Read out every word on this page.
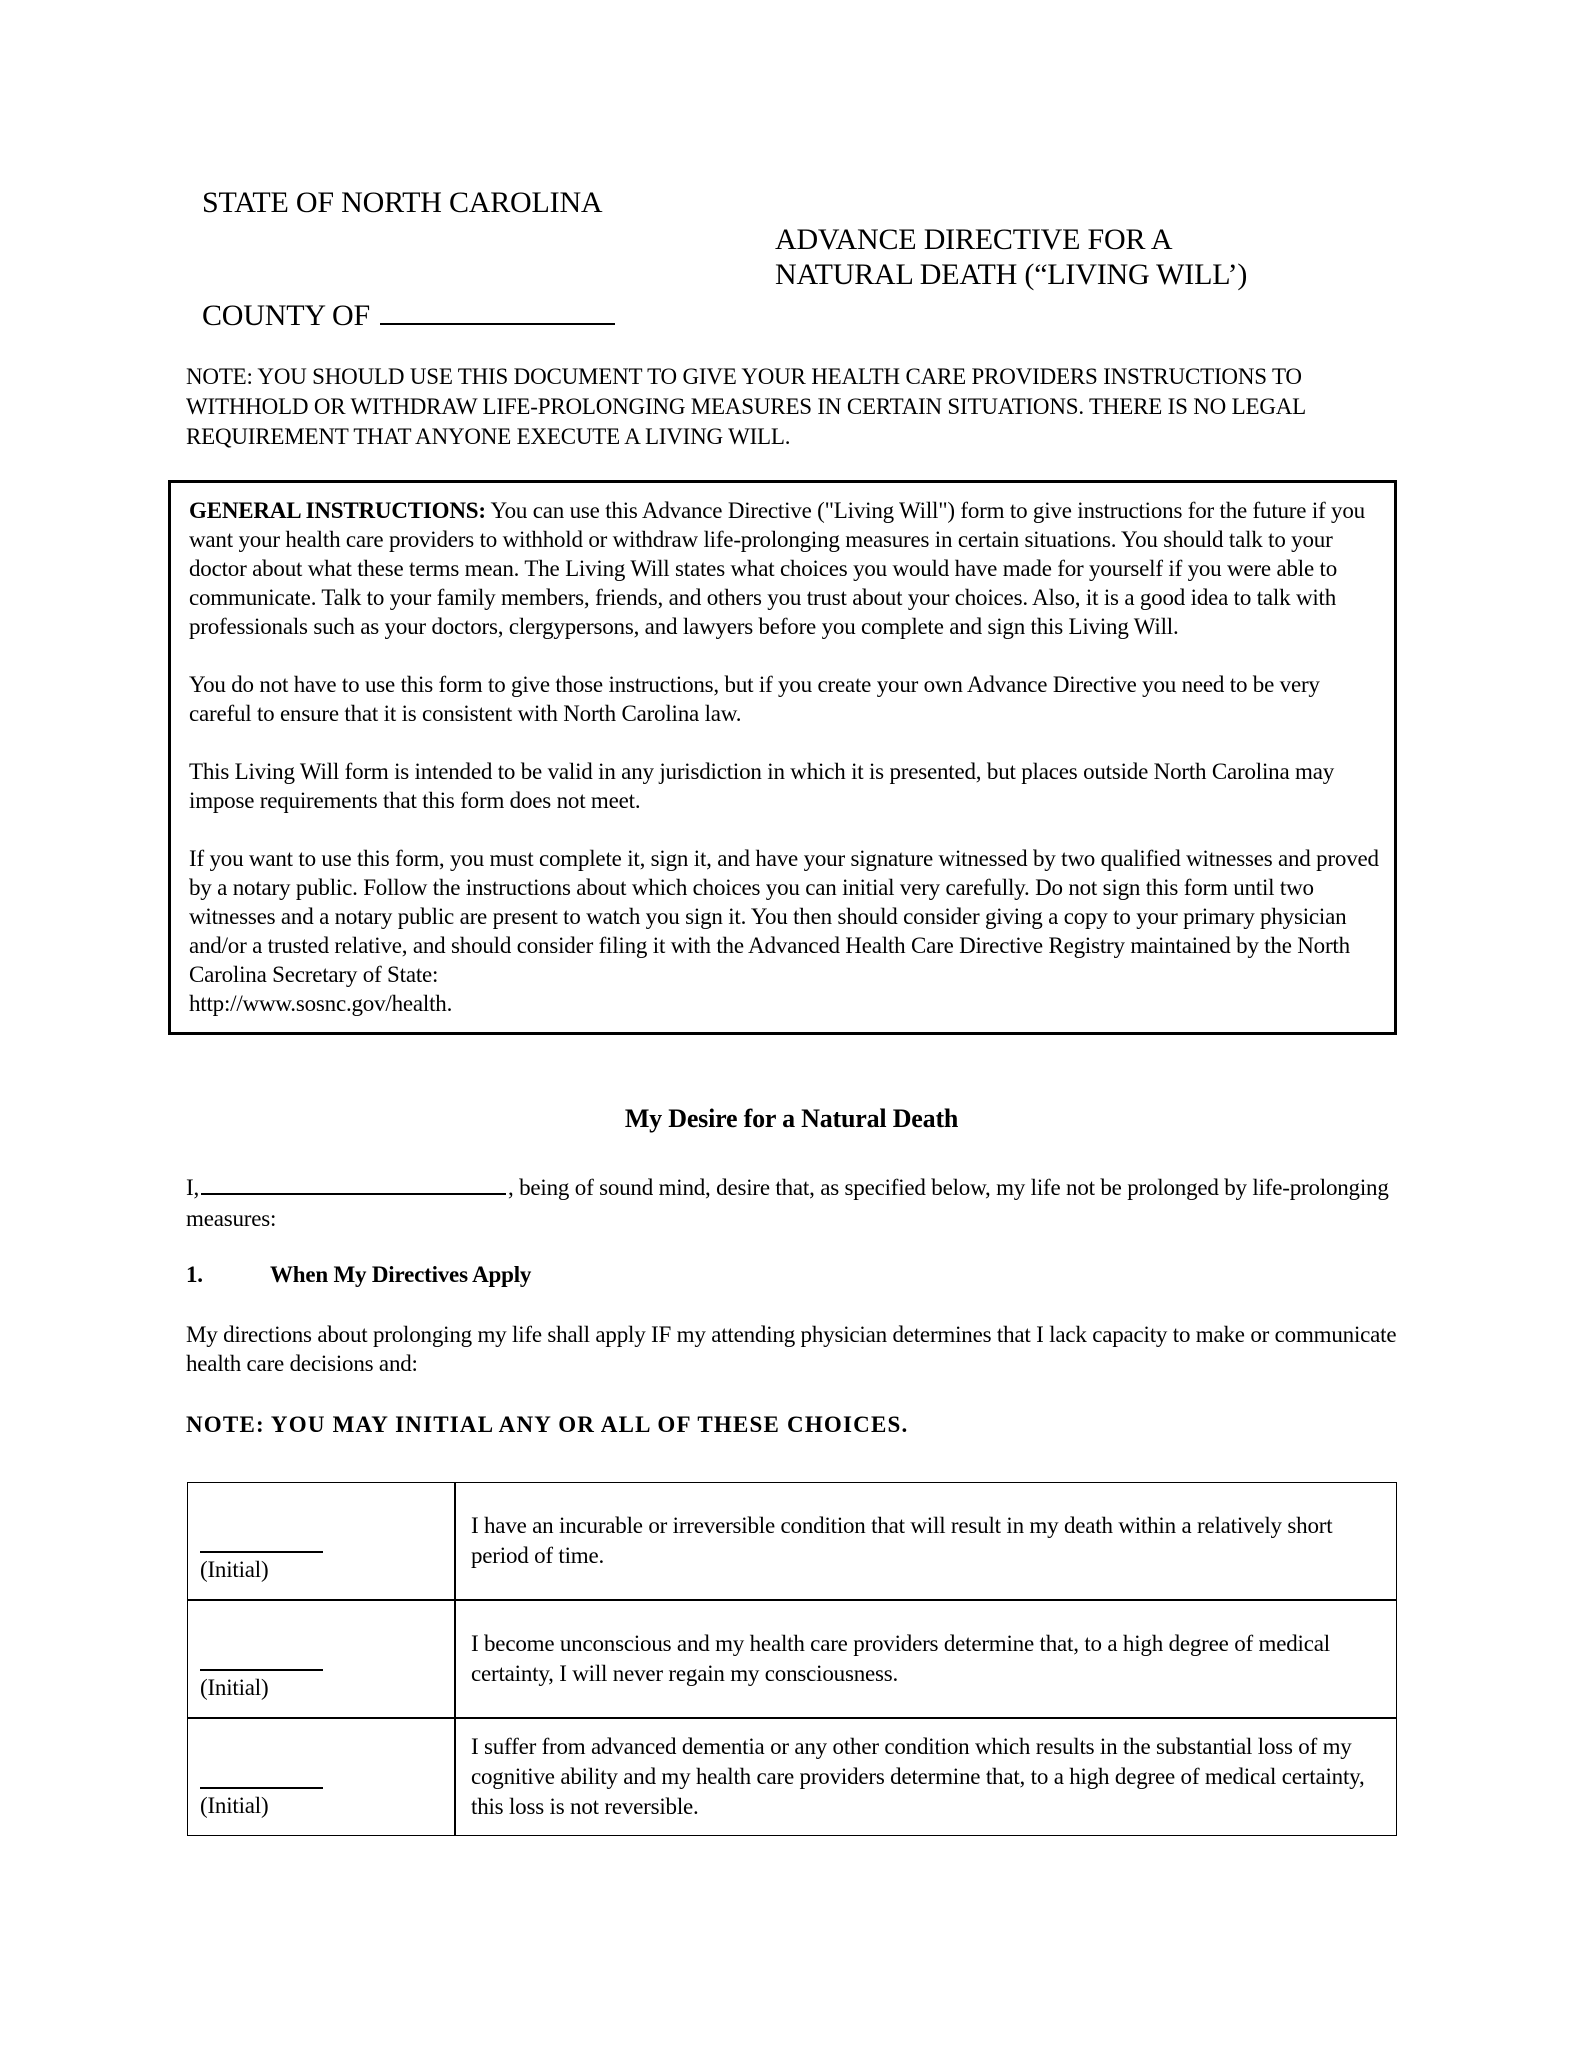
STATE OF NORTH CAROLINA
ADVANCE DIRECTIVE FOR A
NATURAL DEATH (“LIVING WILL’)
COUNTY OF
NOTE: YOU SHOULD USE THIS DOCUMENT TO GIVE YOUR HEALTH CARE PROVIDERS INSTRUCTIONS TO WITHHOLD OR WITHDRAW LIFE-PROLONGING MEASURES IN CERTAIN SITUATIONS. THERE IS NO LEGAL REQUIREMENT THAT ANYONE EXECUTE A LIVING WILL.

GENERAL INSTRUCTIONS: You can use this Advance Directive ("Living Will") form to give instructions for the future if you want your health care providers to withhold or withdraw life-prolonging measures in certain situations. You should talk to your doctor about what these terms mean. The Living Will states what choices you would have made for yourself if you were able to communicate. Talk to your family members, friends, and others you trust about your choices. Also, it is a good idea to talk with professionals such as your doctors, clergypersons, and lawyers before you complete and sign this Living Will.

You do not have to use this form to give those instructions, but if you create your own Advance Directive you need to be very careful to ensure that it is consistent with North Carolina law.

This Living Will form is intended to be valid in any jurisdiction in which it is presented, but places outside North Carolina may impose requirements that this form does not meet.

If you want to use this form, you must complete it, sign it, and have your signature witnessed by two qualified witnesses and proved by a notary public. Follow the instructions about which choices you can initial very carefully. Do not sign this form until two witnesses and a notary public are present to watch you sign it. You then should consider giving a copy to your primary physician and/or a trusted relative, and should consider filing it with the Advanced Health Care Directive Registry maintained by the North Carolina Secretary of State:

http://www.sosnc.gov/health.
My Desire for a Natural Death
I,	, being of sound mind, desire that, as specified below, my life not be prolonged by life-prolonging measures:
1.	When My Directives Apply
My directions about prolonging my life shall apply IF my attending physician determines that I lack capacity to make or communicate health care decisions and:
NOTE: YOU MAY INITIAL ANY OR ALL OF THESE CHOICES.
(Initial)	I have an incurable or irreversible condition that will result in my death within a relatively short period of time.

(Initial)	I become unconscious and my health care providers determine that, to a high degree of medical certainty, I will never regain my consciousness.

(Initial)	I suffer from advanced dementia or any other condition which results in the substantial loss of my cognitive ability and my health care providers determine that, to a high degree of medical certainty, this loss is not reversible.
